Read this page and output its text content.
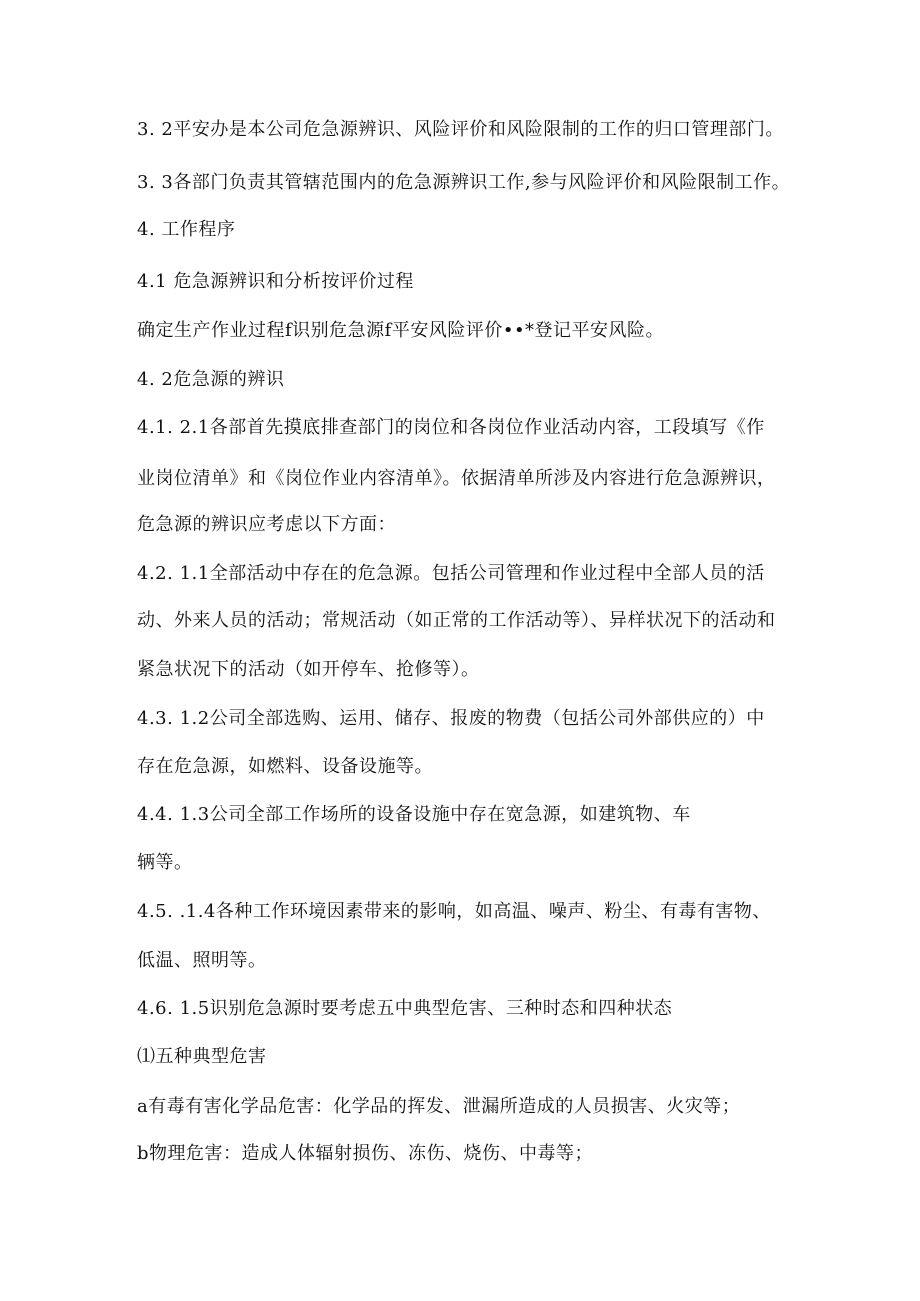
3. 2平安办是本公司危急源辨识、风险评价和风险限制的工作的归口管理部门。
3. 3各部门负责其管辖范围内的危急源辨识工作,参与风险评价和风险限制工作。
4. 工作程序
4.1 危急源辨识和分析按评价过程
确定生产作业过程f识别危急源f平安风险评价••*登记平安风险。
4. 2危急源的辨识
4.1. 2.1各部首先摸底排查部门的岗位和各岗位作业活动内容，工段填写《作
业岗位清单》和《岗位作业内容清单》。依据清单所涉及内容进行危急源辨识，
危急源的辨识应考虑以下方面：
4.2. 1.1全部活动中存在的危急源。包括公司管理和作业过程中全部人员的活
动、外来人员的活动；常规活动（如正常的工作活动等）、异样状况下的活动和
紧急状况下的活动（如开停车、抢修等）。
4.3. 1.2公司全部选购、运用、储存、报废的物费（包括公司外部供应的）中
存在危急源，如燃料、设备设施等。
4.4. 1.3公司全部工作场所的设备设施中存在宽急源，如建筑物、车
辆等。
4.5. .1.4各种工作环境因素带来的影响，如高温、噪声、粉尘、有毒有害物、
低温、照明等。
4.6. 1.5识别危急源时要考虑五中典型危害、三种时态和四种状态
⑴五种典型危害
a有毒有害化学品危害：化学品的挥发、泄漏所造成的人员损害、火灾等；
b物理危害：造成人体辐射损伤、冻伤、烧伤、中毒等；
